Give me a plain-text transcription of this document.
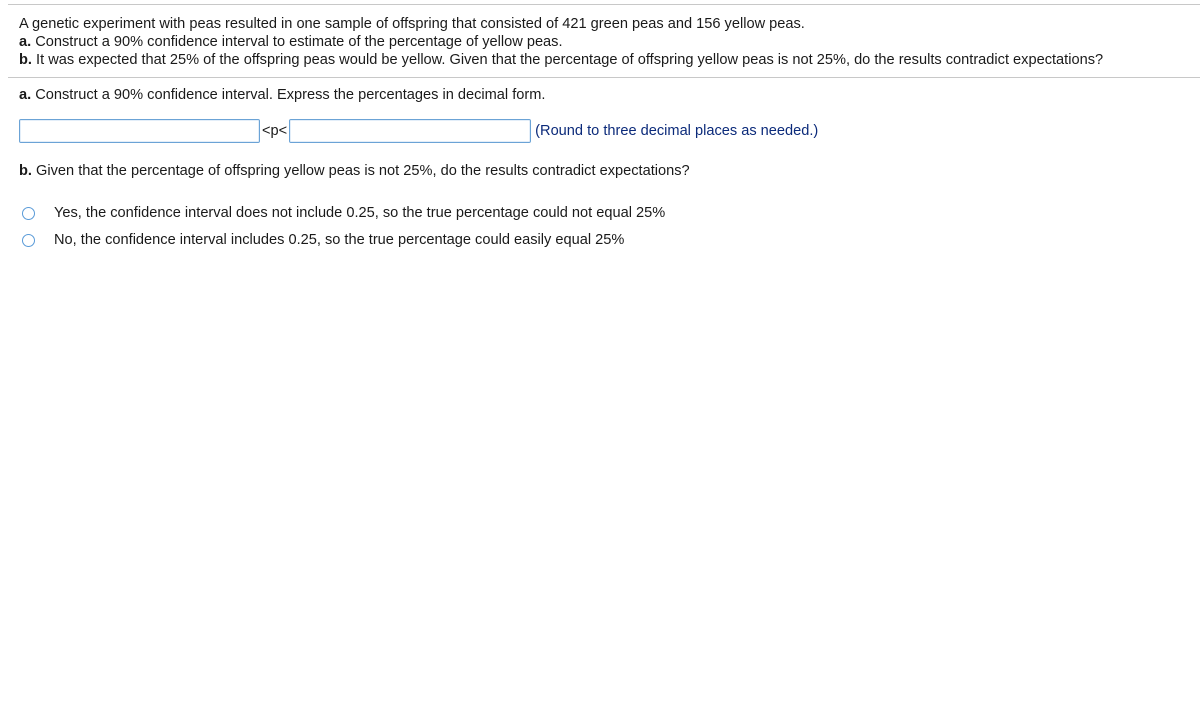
A genetic experiment with peas resulted in one sample of offspring that consisted of 421 green peas and 156 yellow peas.

a. Construct a 90% confidence interval to estimate of the percentage of yellow peas.

b. It was expected that 25% of the offspring peas would be yellow. Given that the percentage of offspring yellow peas is not 25%, do the results contradict expectations?

a. Construct a 90% confidence interval. Express the percentages in decimal form.
<p<	(Round to three decimal places as needed.)
b. Given that the percentage of offspring yellow peas is not 25%, do the results contradict expectations?
Yes, the confidence interval does not include 0.25, so the true percentage could not equal 25%
No, the confidence interval includes 0.25, so the true percentage could easily equal 25%
